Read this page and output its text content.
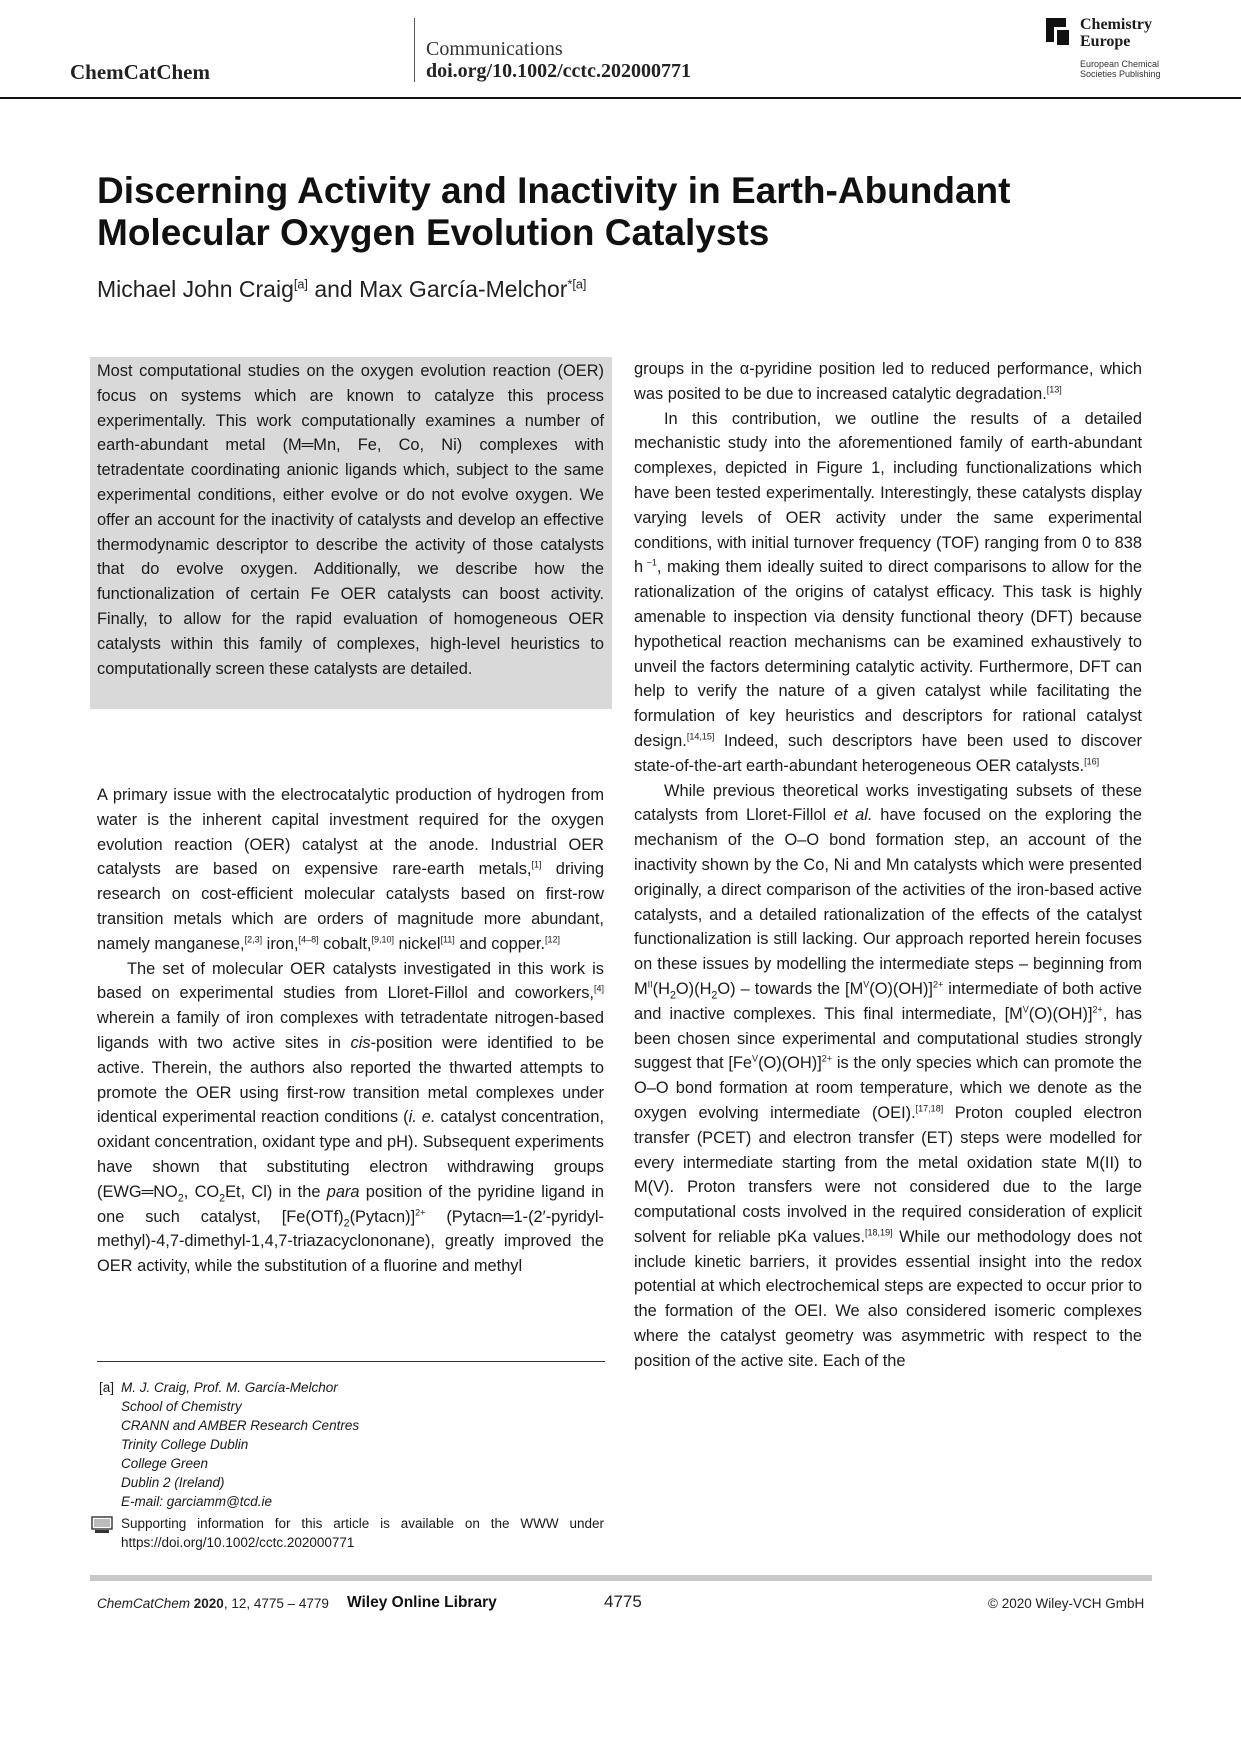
ChemCatChem
Communications
doi.org/10.1002/cctc.202000771
Chemistry
Europe
European Chemical
Societies Publishing
Discerning Activity and Inactivity in Earth-Abundant Molecular Oxygen Evolution Catalysts
Michael John Craig[a] and Max García-Melchor$^{*[a]}$
Most computational studies on the oxygen evolution reaction (OER) focus on systems which are known to catalyze this process experimentally. This work computationally examines a number of earth-abundant metal (M═Mn, Fe, Co, Ni) complexes with tetradentate coordinating anionic ligands which, subject to the same experimental conditions, either evolve or do not evolve oxygen. We offer an account for the inactivity of catalysts and develop an effective thermodynamic descriptor to describe the activity of those catalysts that do evolve oxygen. Additionally, we describe how the functionalization of certain Fe OER catalysts can boost activity. Finally, to allow for the rapid evaluation of homogeneous OER catalysts within this family of complexes, high-level heuristics to computationally screen these catalysts are detailed.

A primary issue with the electrocatalytic production of hydrogen from water is the inherent capital investment required for the oxygen evolution reaction (OER) catalyst at the anode. Industrial OER catalysts are based on expensive rare-earth metals,[1] driving research on cost-efficient molecular catalysts based on first-row transition metals which are orders of magnitude more abundant, namely manganese,[2,3] iron,[4–8] cobalt,[9,10] nickel[11] and copper.[12]

The set of molecular OER catalysts investigated in this work is based on experimental studies from Lloret-Fillol and coworkers,[4] wherein a family of iron complexes with tetradentate nitrogen-based ligands with two active sites in cis-position were identified to be active. Therein, the authors also reported the thwarted attempts to promote the OER using first-row transition metal complexes under identical experimental reaction conditions (i. e. catalyst concentration, oxidant concentration, oxidant type and pH). Subsequent experiments have shown that substituting electron withdrawing groups ($EWG═NO_2$, $CO_2Et$, Cl) in the para position of the pyridine ligand in one such catalyst, $[Fe(OTf)_2(Pytacn)]^{2+}$ (Pytacn═1-(2′-pyridyl-methyl)-4,7-dimethyl-1,4,7-triazacyclononane), greatly improved the OER activity, while the substitution of a fluorine and methyl

groups in the α-pyridine position led to reduced performance, which was posited to be due to increased catalytic degradation.[13]

In this contribution, we outline the results of a detailed mechanistic study into the aforementioned family of earth-abundant complexes, depicted in Figure 1, including functionalizations which have been tested experimentally. Interestingly, these catalysts display varying levels of OER activity under the same experimental conditions, with initial turnover frequency (TOF) ranging from 0 to 838 h $^{-1}$, making them ideally suited to direct comparisons to allow for the rationalization of the origins of catalyst efficacy. This task is highly amenable to inspection via density functional theory (DFT) because hypothetical reaction mechanisms can be examined exhaustively to unveil the factors determining catalytic activity. Furthermore, DFT can help to verify the nature of a given catalyst while facilitating the formulation of key heuristics and descriptors for rational catalyst design.[14,15] Indeed, such descriptors have been used to discover state-of-the-art earth-abundant heterogeneous OER catalysts.[16]

While previous theoretical works investigating subsets of these catalysts from Lloret-Fillol et al. have focused on the exploring the mechanism of the O–O bond formation step, an account of the inactivity shown by the Co, Ni and Mn catalysts which were presented originally, a direct comparison of the activities of the iron-based active catalysts, and a detailed rationalization of the effects of the catalyst functionalization is still lacking. Our approach reported herein focuses on these issues by modelling the intermediate steps – beginning from $M^{II}(H_2O)(H_2O)$ – towards the $[M^V(O)(OH)]^{2+}$ intermediate of both active and inactive complexes. This final intermediate, $[M^V(O)(OH)]^{2+}$, has been chosen since experimental and computational studies strongly suggest that $[Fe^V(O)(OH)]^{2+}$ is the only species which can promote the O–O bond formation at room temperature, which we denote as the oxygen evolving intermediate (OEI).[17,18] Proton coupled electron transfer (PCET) and electron transfer (ET) steps were modelled for every intermediate starting from the metal oxidation state M(II) to M(V). Proton transfers were not considered due to the large computational costs involved in the required consideration of explicit solvent for reliable pKa values.[18,19] While our methodology does not include kinetic barriers, it provides essential insight into the redox potential at which electrochemical steps are expected to occur prior to the formation of the OEI. We also considered isomeric complexes where the catalyst geometry was asymmetric with respect to the position of the active site. Each of the

[a] M. J. Craig, Prof. M. García-Melchor
School of Chemistry
CRANN and AMBER Research Centres
Trinity College Dublin
College Green
Dublin 2 (Ireland)
E-mail: garciamm@tcd.ie
Supporting information for this article is available on the WWW under https://doi.org/10.1002/cctc.202000771
ChemCatChem 2020, 12, 4775 – 4779 Wiley Online Library	4775	© 2020 Wiley-VCH GmbH
